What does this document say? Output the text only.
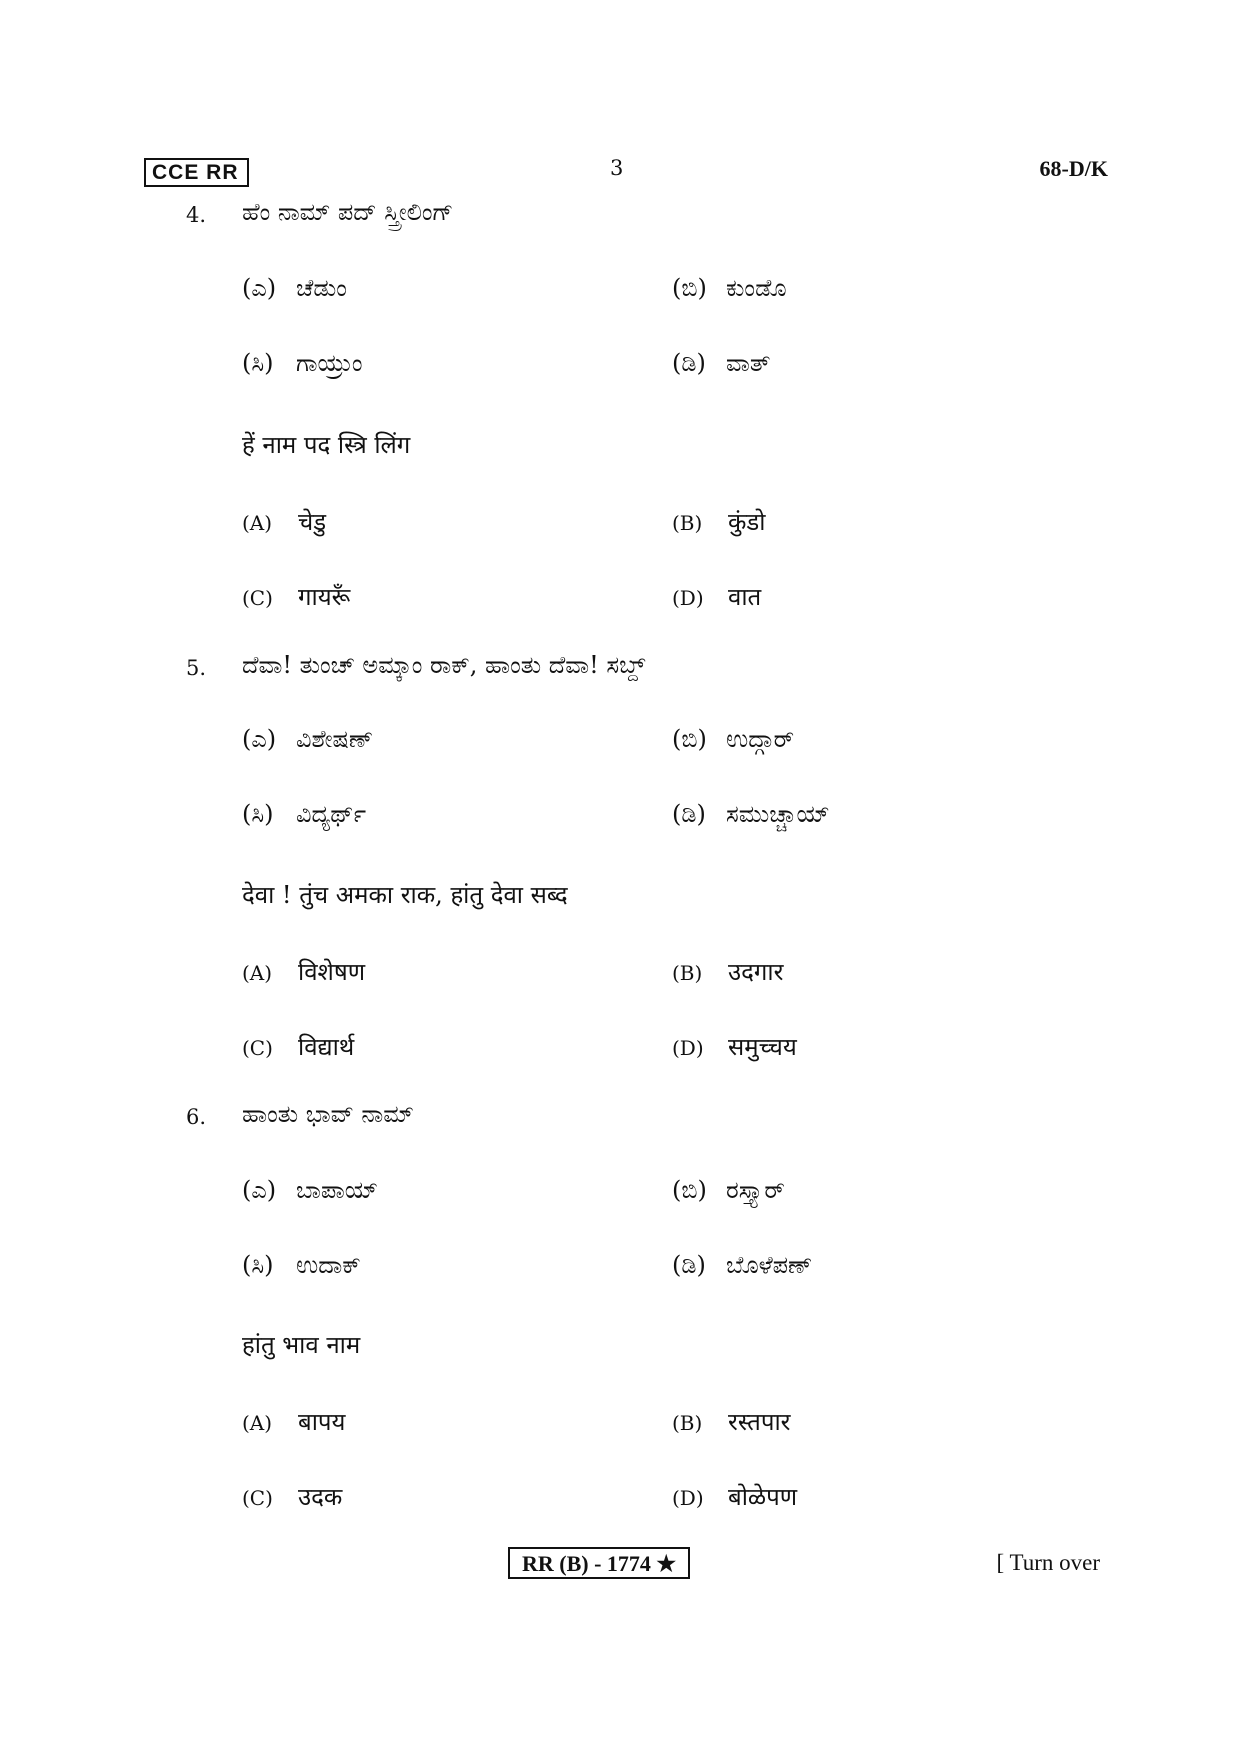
CCE RR	3	68-D/K
4. ಹೆಂ ನಾಮ್ ಪದ್ ಸ್ತ್ರೀಲಿಂಗ್
(ಎ) ಚೆಡುಂ	(ಬಿ) ಕುಂಡೊ
(ಸಿ) ಗಾಯ್ರುಂ	(ಡಿ) ವಾತ್
हें नाम पद स्त्रि लिंग
(A) चेडु	(B) कुंडो
(C) गायरूँ	(D) वात
5. ದೆವಾ! ತುಂಚ್ ಅಮ್ಕಾಂ ರಾಕ್, ಹಾಂತು ದೆವಾ! ಸಬ್ದ್
(ಎ) ವಿಶೇಷಣ್	(ಬಿ) ಉದ್ಗಾರ್
(ಸಿ) ವಿದ್ಯರ್ಥ್	(ಡಿ) ಸಮುಚ್ಚಾಯ್
देवा ! तुंच अमका राक, हांतु देवा सब्द
(A) विशेषण	(B) उदगार
(C) विद्यार्थ	(D) समुच्चय
6. ಹಾಂತು ಭಾವ್ ನಾಮ್
(ಎ) ಬಾಪಾಯ್	(ಬಿ) ರಸ್ತ್ಯಾರ್
(ಸಿ) ಉದಾಕ್	(ಡಿ) ಬೊಳೆಪಣ್
हांतु भाव नाम
(A) बापय	(B) रस्तपार
(C) उदक	(D) बोळेपण
RR (B) - 1774 ★	[ Turn over
